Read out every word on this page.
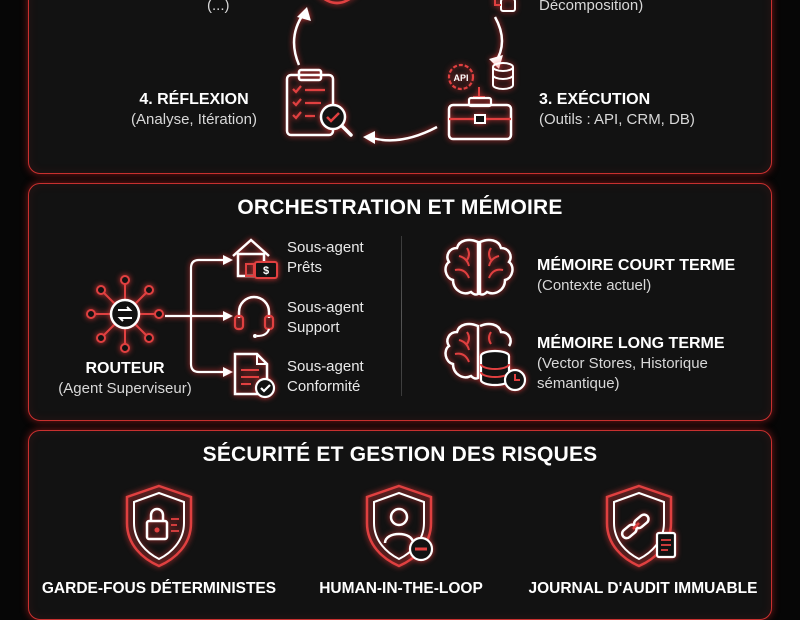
(...)	Décomposition)
API
4. RÉFLEXION
(Analyse, Itération)
3. EXÉCUTION
(Outils : API, CRM, DB)
ORCHESTRATION ET MÉMOIRE
ROUTEUR
(Agent Superviseur)
$
Sous-agent
Prêts
Sous-agent
Support
Sous-agent
Conformité
MÉMOIRE COURT TERME
(Contexte actuel)
MÉMOIRE LONG TERME
(Vector Stores, Historique
sémantique)
SÉCURITÉ ET GESTION DES RISQUES
GARDE-FOUS DÉTERMINISTES	HUMAN-IN-THE-LOOP	JOURNAL D'AUDIT IMMUABLE
